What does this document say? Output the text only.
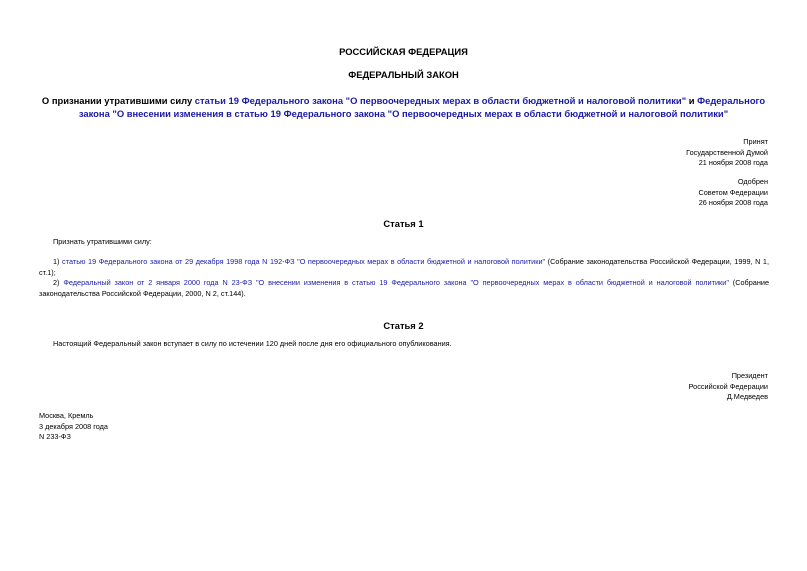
РОССИЙСКАЯ ФЕДЕРАЦИЯ
ФЕДЕРАЛЬНЫЙ ЗАКОН
О признании утратившими силу статьи 19 Федерального закона "О первоочередных мерах в области бюджетной и налоговой политики" и Федерального закона "О внесении изменения в статью 19 Федерального закона "О первоочередных мерах в области бюджетной и налоговой политики"
Принят
Государственной Думой
21 ноября 2008 года
Одобрен
Советом Федерации
26 ноября 2008 года
Статья 1
Признать утратившими силу:
1) статью 19 Федерального закона от 29 декабря 1998 года N 192-ФЗ "О первоочередных мерах в области бюджетной и налоговой политики" (Собрание законодательства Российской Федерации, 1999, N 1, ст.1);
2) Федеральный закон от 2 января 2000 года N 23-ФЗ "О внесении изменения в статью 19 Федерального закона "О первоочередных мерах в области бюджетной и налоговой политики" (Собрание законодательства Российской Федерации, 2000, N 2, ст.144).
Статья 2
Настоящий Федеральный закон вступает в силу по истечении 120 дней после дня его официального опубликования.
Президент
Российской Федерации
Д.Медведев
Москва, Кремль
3 декабря 2008 года
N 233-ФЗ
